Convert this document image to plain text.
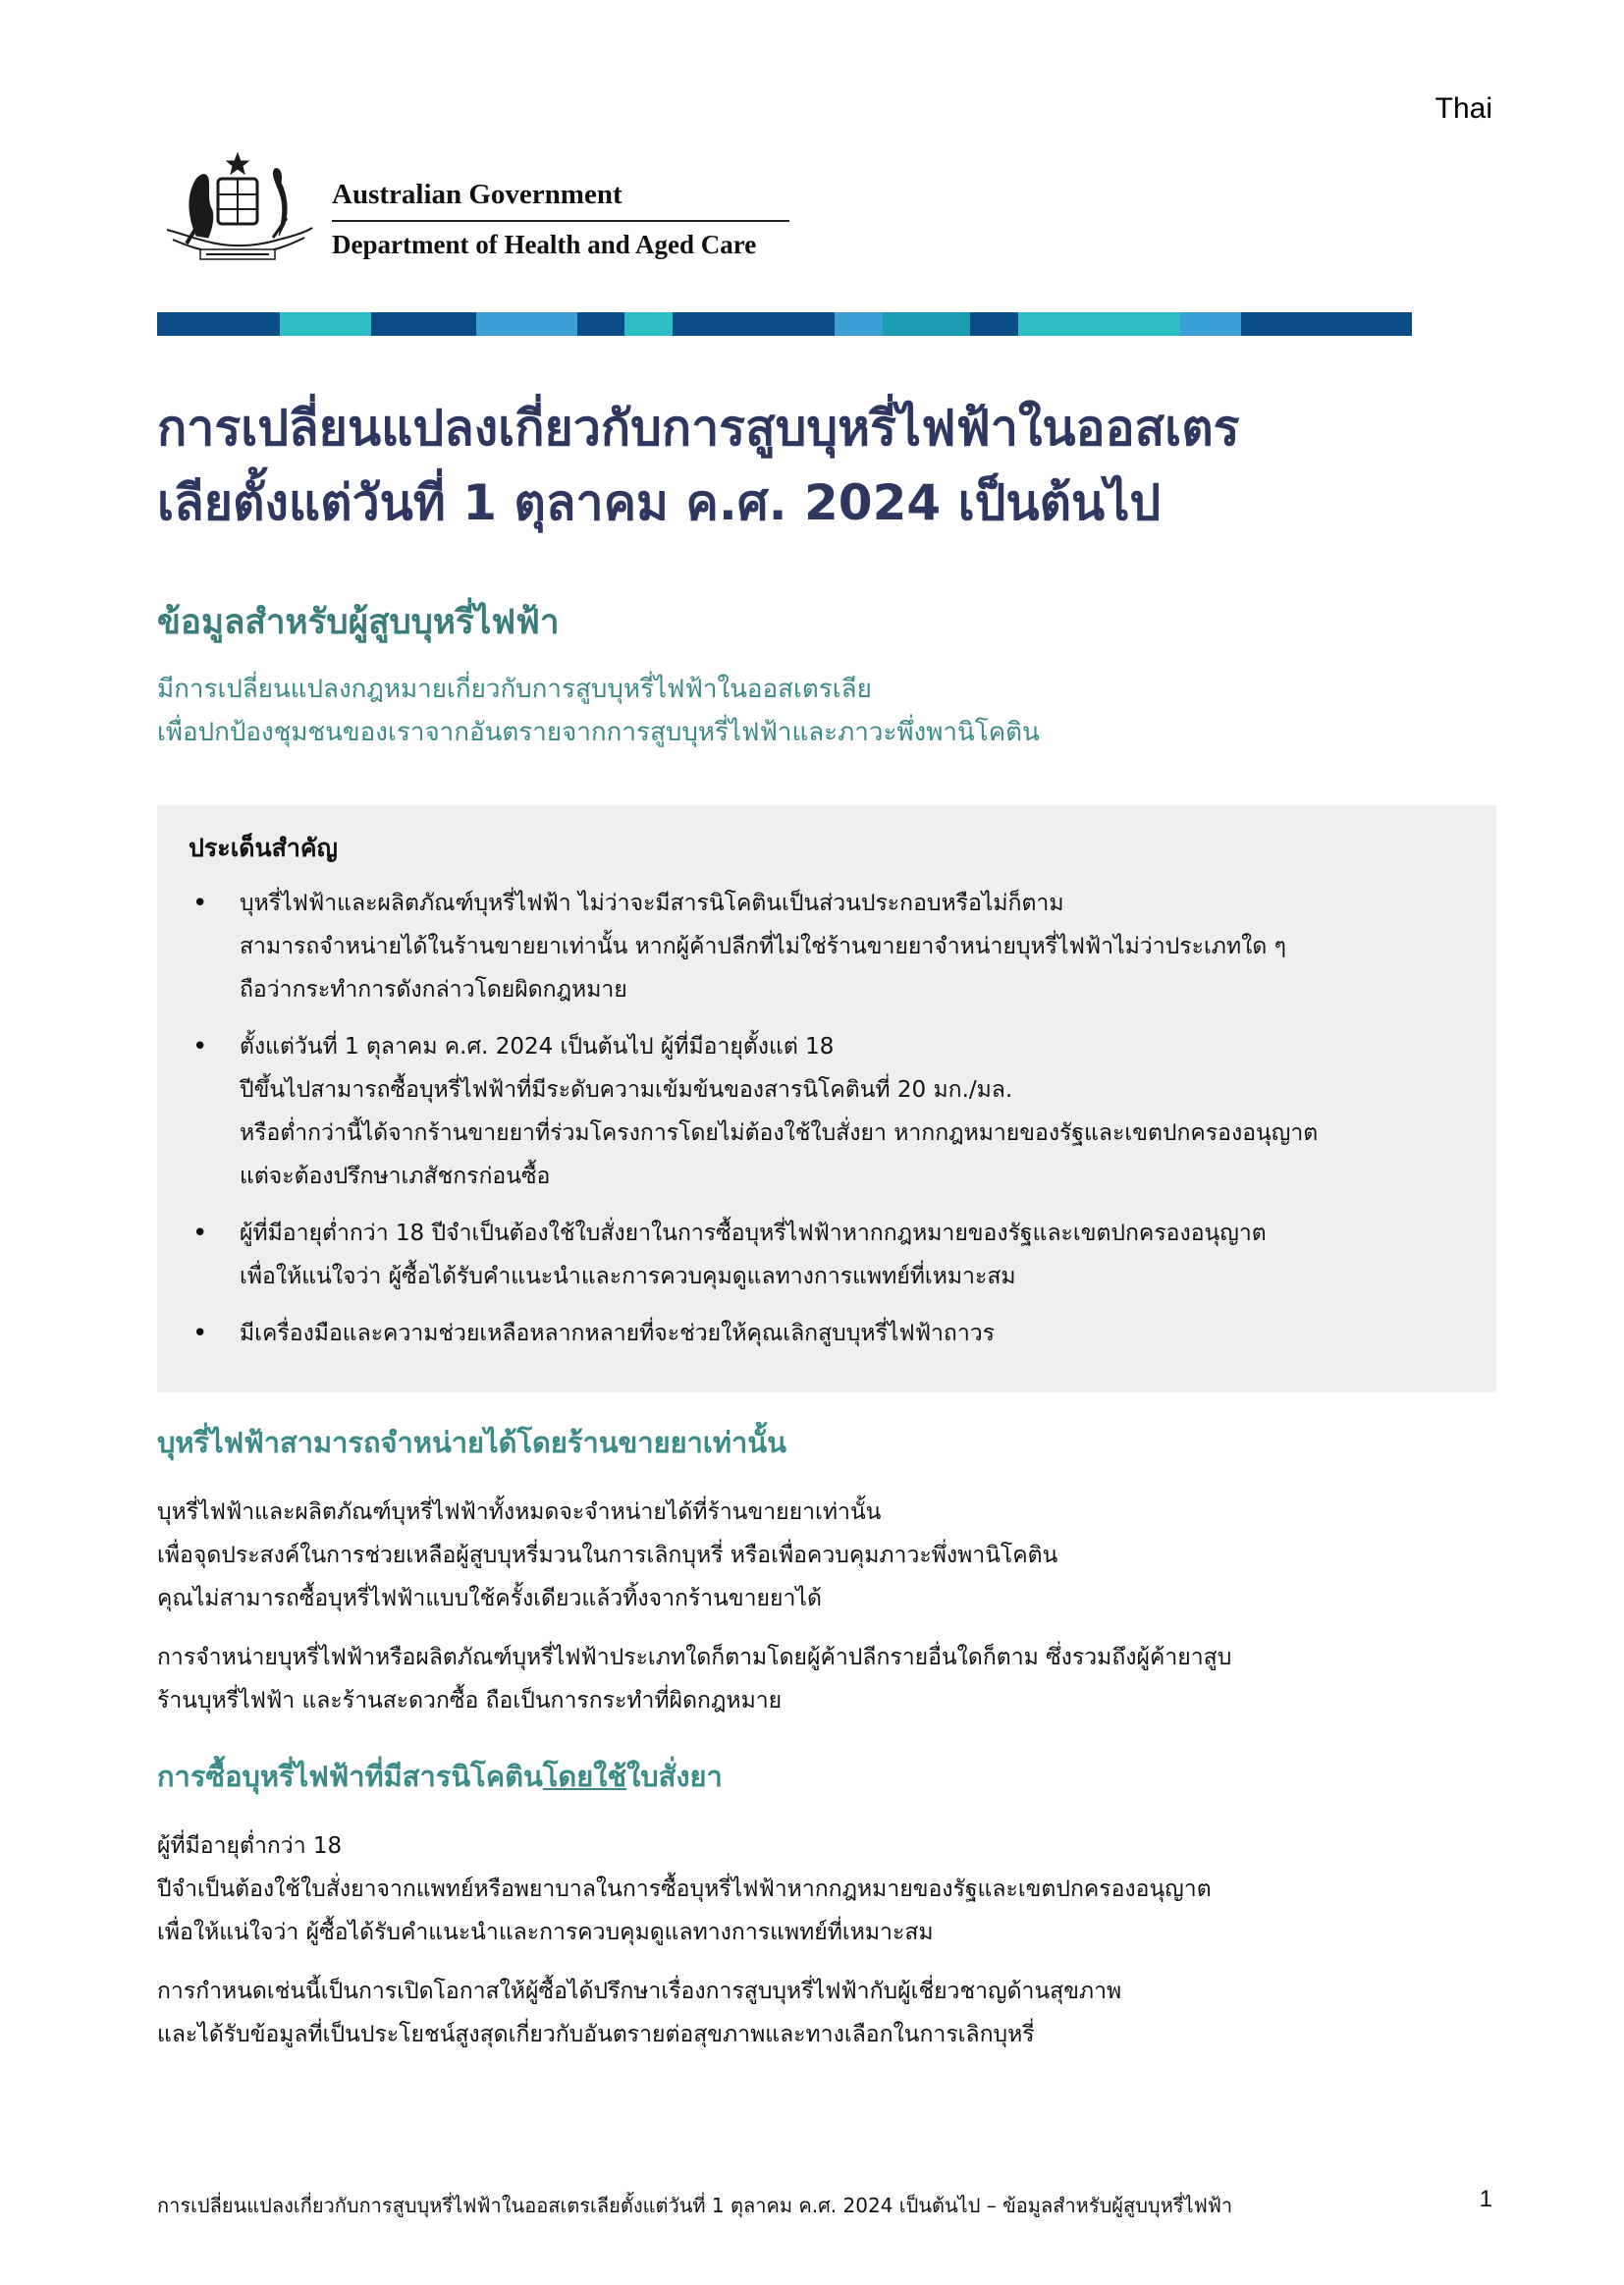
Thai
Australian Government
Department of Health and Aged Care
การเปลี่ยนแปลงเกี่ยวกับการสูบบุหรี่ไฟฟ้าในออสเตร
เลียตั้งแต่วันที่ 1 ตุลาคม ค.ศ. 2024 เป็นต้นไป
ข้อมูลสำหรับผู้สูบบุหรี่ไฟฟ้า
มีการเปลี่ยนแปลงกฎหมายเกี่ยวกับการสูบบุหรี่ไฟฟ้าในออสเตรเลีย
เพื่อปกป้องชุมชนของเราจากอันตรายจากการสูบบุหรี่ไฟฟ้าและภาวะพึ่งพานิโคติน
ประเด็นสำคัญ
• บุหรี่ไฟฟ้าและผลิตภัณฑ์บุหรี่ไฟฟ้า ไม่ว่าจะมีสารนิโคตินเป็นส่วนประกอบหรือไม่ก็ตาม
สามารถจำหน่ายได้ในร้านขายยาเท่านั้น หากผู้ค้าปลีกที่ไม่ใช่ร้านขายยาจำหน่ายบุหรี่ไฟฟ้าไม่ว่าประเภทใด ๆ
ถือว่ากระทำการดังกล่าวโดยผิดกฎหมาย
• ตั้งแต่วันที่ 1 ตุลาคม ค.ศ. 2024 เป็นต้นไป ผู้ที่มีอายุตั้งแต่ 18
ปีขึ้นไปสามารถซื้อบุหรี่ไฟฟ้าที่มีระดับความเข้มข้นของสารนิโคตินที่ 20 มก./มล.
หรือต่ำกว่านี้ได้จากร้านขายยาที่ร่วมโครงการโดยไม่ต้องใช้ใบสั่งยา หากกฎหมายของรัฐและเขตปกครองอนุญาต
แต่จะต้องปรึกษาเภสัชกรก่อนซื้อ
• ผู้ที่มีอายุต่ำกว่า 18 ปีจำเป็นต้องใช้ใบสั่งยาในการซื้อบุหรี่ไฟฟ้าหากกฎหมายของรัฐและเขตปกครองอนุญาต
เพื่อให้แน่ใจว่า ผู้ซื้อได้รับคำแนะนำและการควบคุมดูแลทางการแพทย์ที่เหมาะสม
• มีเครื่องมือและความช่วยเหลือหลากหลายที่จะช่วยให้คุณเลิกสูบบุหรี่ไฟฟ้าถาวร
บุหรี่ไฟฟ้าสามารถจำหน่ายได้โดยร้านขายยาเท่านั้น

บุหรี่ไฟฟ้าและผลิตภัณฑ์บุหรี่ไฟฟ้าทั้งหมดจะจำหน่ายได้ที่ร้านขายยาเท่านั้น
เพื่อจุดประสงค์ในการช่วยเหลือผู้สูบบุหรี่มวนในการเลิกบุหรี่ หรือเพื่อควบคุมภาวะพึ่งพานิโคติน
คุณไม่สามารถซื้อบุหรี่ไฟฟ้าแบบใช้ครั้งเดียวแล้วทิ้งจากร้านขายยาได้

การจำหน่ายบุหรี่ไฟฟ้าหรือผลิตภัณฑ์บุหรี่ไฟฟ้าประเภทใดก็ตามโดยผู้ค้าปลีกรายอื่นใดก็ตาม ซึ่งรวมถึงผู้ค้ายาสูบ
ร้านบุหรี่ไฟฟ้า และร้านสะดวกซื้อ ถือเป็นการกระทำที่ผิดกฎหมาย

การซื้อบุหรี่ไฟฟ้าที่มีสารนิโคตินโดยใช้ใบสั่งยา

ผู้ที่มีอายุต่ำกว่า 18
ปีจำเป็นต้องใช้ใบสั่งยาจากแพทย์หรือพยาบาลในการซื้อบุหรี่ไฟฟ้าหากกฎหมายของรัฐและเขตปกครองอนุญาต
เพื่อให้แน่ใจว่า ผู้ซื้อได้รับคำแนะนำและการควบคุมดูแลทางการแพทย์ที่เหมาะสม

การกำหนดเช่นนี้เป็นการเปิดโอกาสให้ผู้ซื้อได้ปรึกษาเรื่องการสูบบุหรี่ไฟฟ้ากับผู้เชี่ยวชาญด้านสุขภาพ
และได้รับข้อมูลที่เป็นประโยชน์สูงสุดเกี่ยวกับอันตรายต่อสุขภาพและทางเลือกในการเลิกบุหรี่

การเปลี่ยนแปลงเกี่ยวกับการสูบบุหรี่ไฟฟ้าในออสเตรเลียตั้งแต่วันที่ 1 ตุลาคม ค.ศ. 2024 เป็นต้นไป – ข้อมูลสำหรับผู้สูบบุหรี่ไฟฟ้า	1
